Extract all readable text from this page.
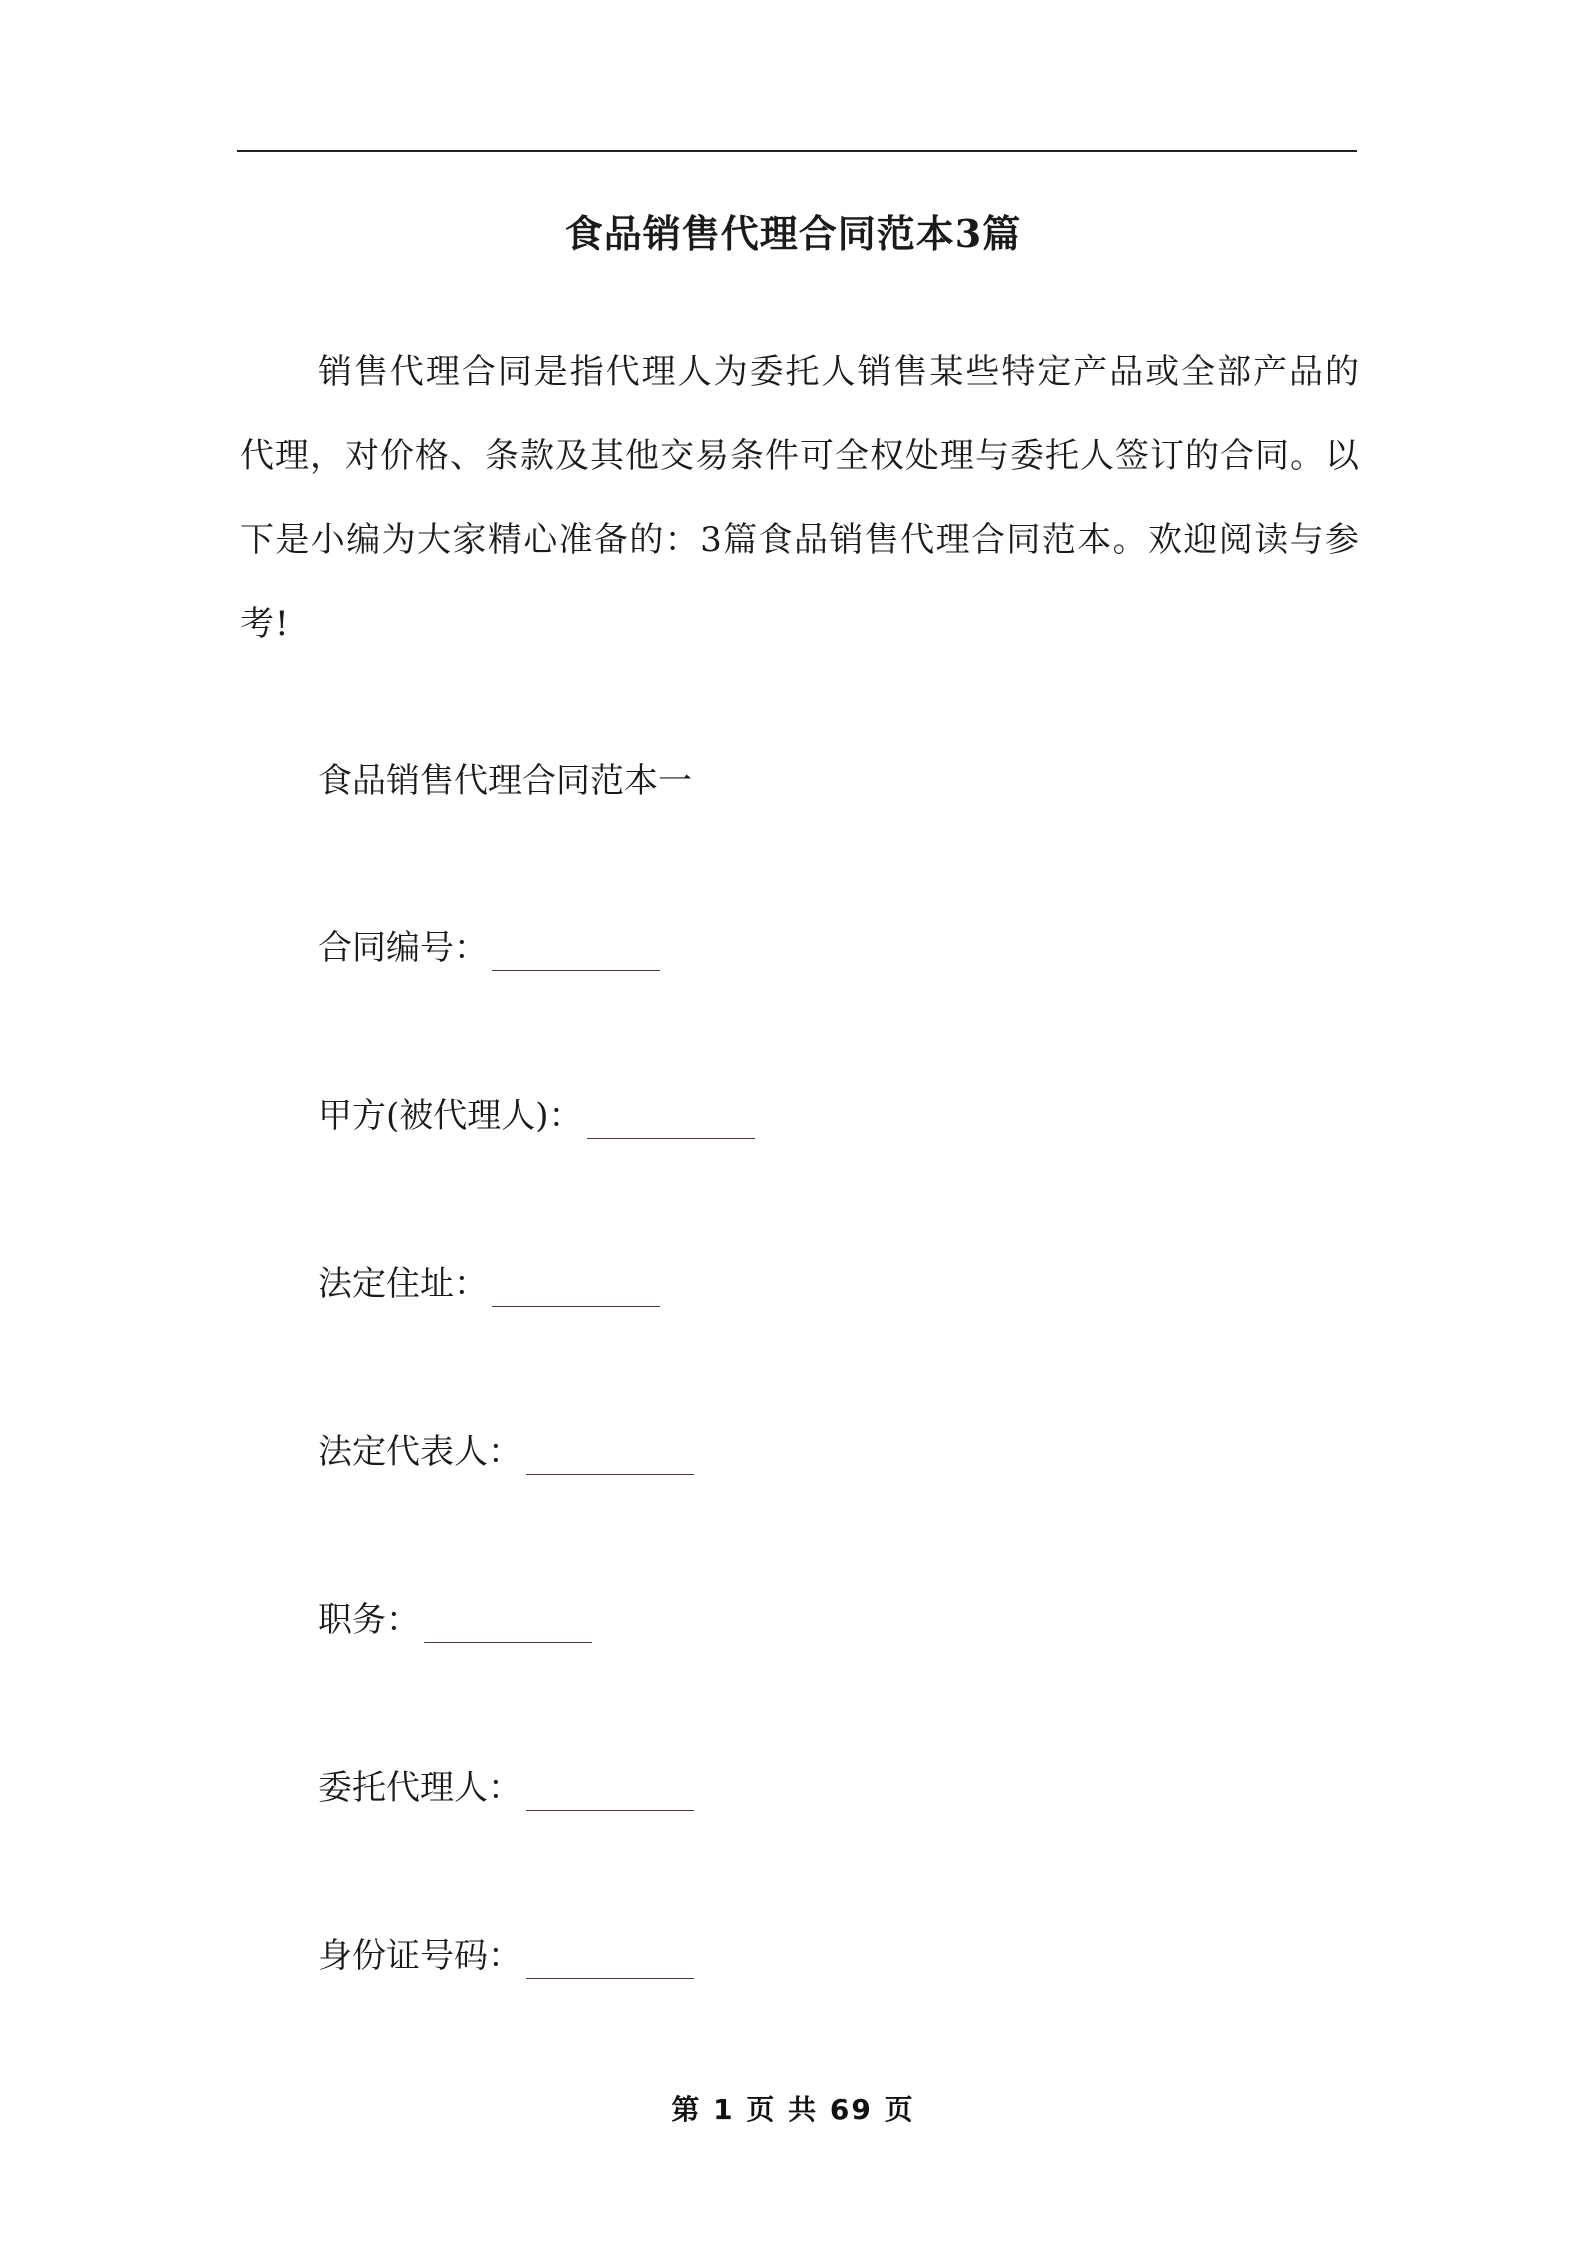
食品销售代理合同范本3篇
销售代理合同是指代理人为委托人销售某些特定产品或全部产品的代理，对价格、条款及其他交易条件可全权处理与委托人签订的合同。以下是小编为大家精心准备的：3篇食品销售代理合同范本。欢迎阅读与参考!
食品销售代理合同范本一
合同编号：
甲方(被代理人)：
法定住址：
法定代表人：
职务：
委托代理人：
身份证号码：
第 1 页 共 69 页
